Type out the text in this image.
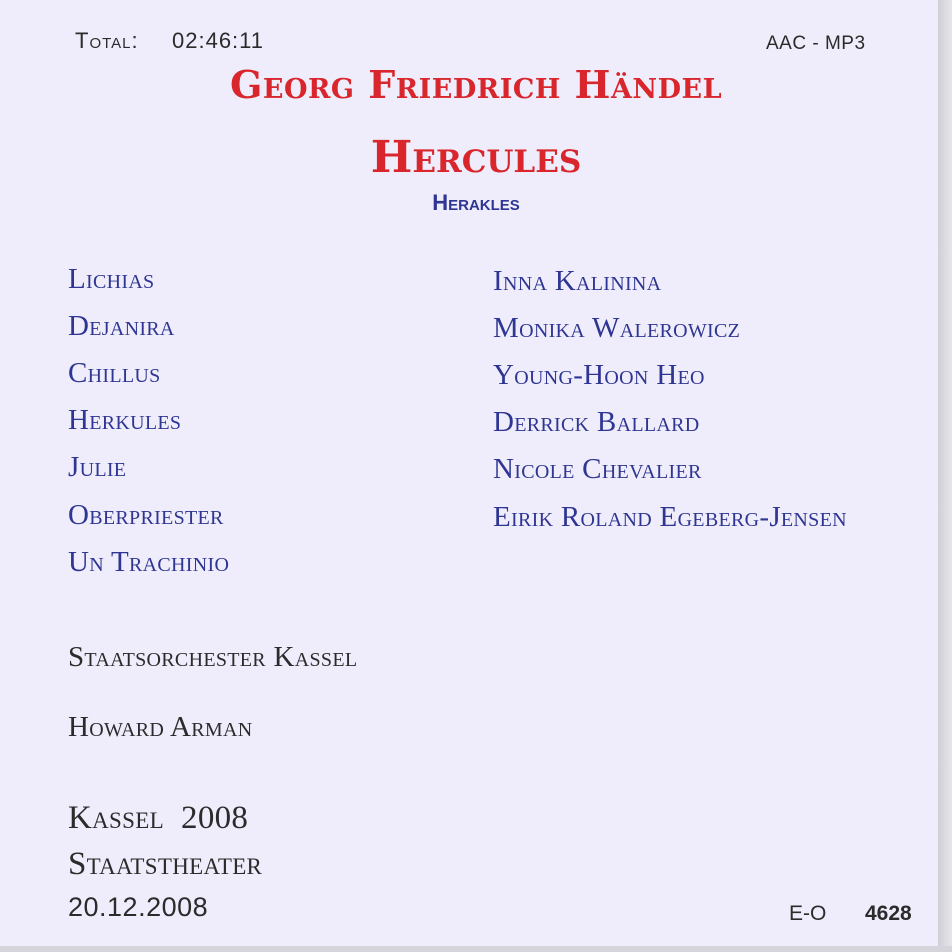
Total: 02:46:11	AAC - MP3
Georg Friedrich Händel
Hercules
Herakles
Lichias	Inna Kalinina
Dejanira	Monika Walerowicz
Chillus	Young-Hoon Heo
Herkules	Derrick Ballard
Julie	Nicole Chevalier
Oberpriester	Eirik Roland Egeberg-Jensen
Un Trachinio
Staatsorchester Kassel
Howard Arman
Kassel  2008
Staatstheater
20.12.2008	E-O 4628
